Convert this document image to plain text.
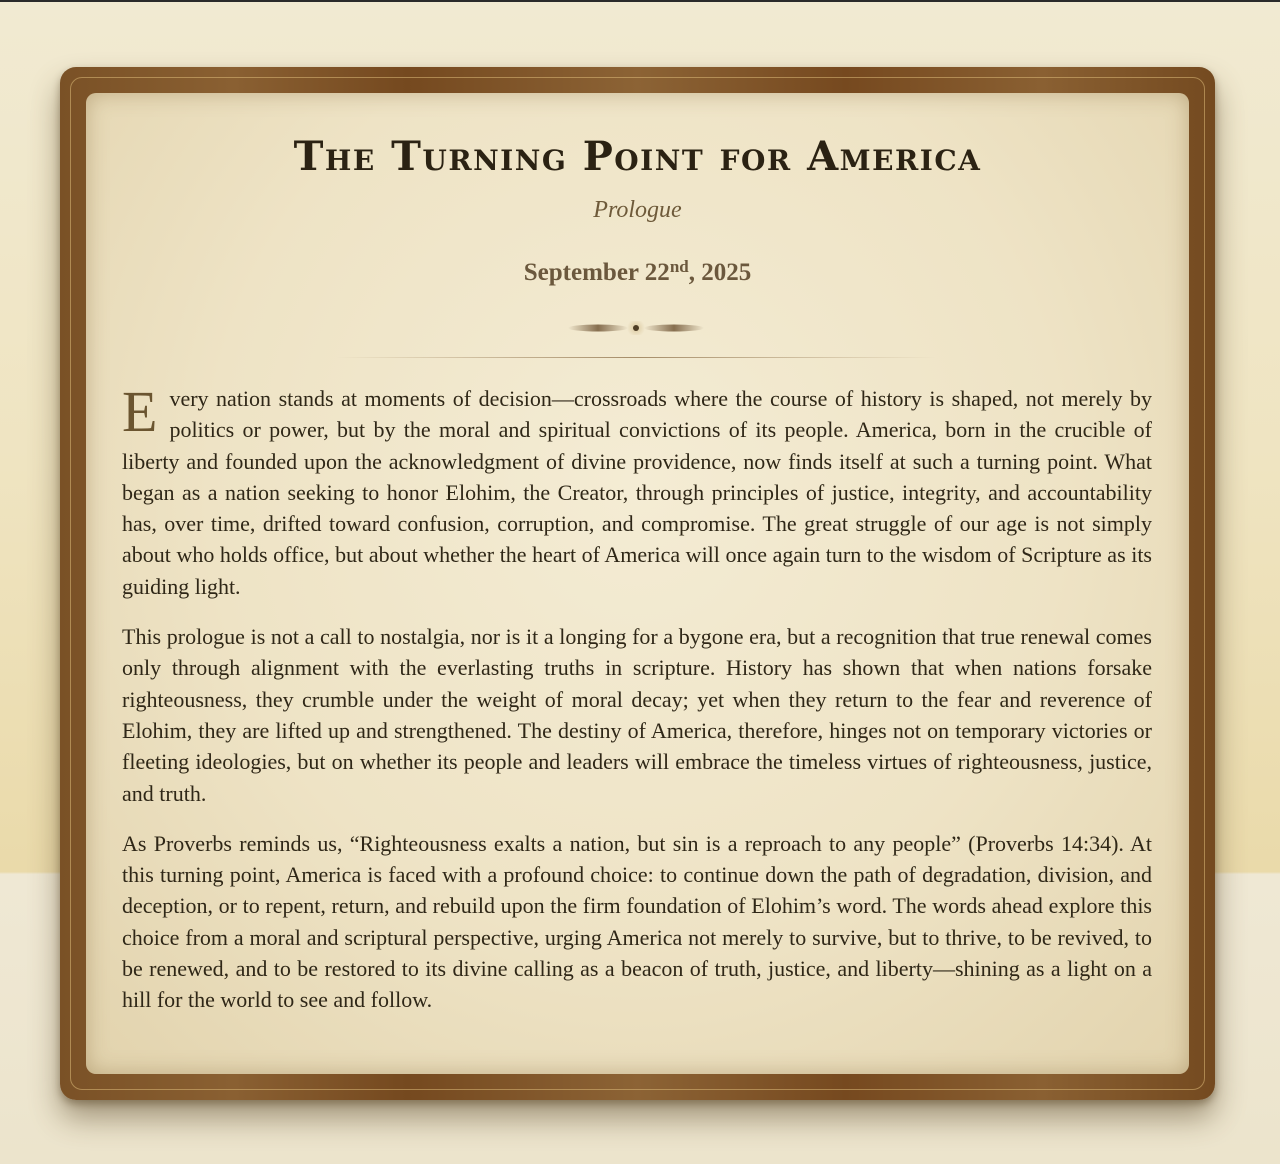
The Turning Point for America
Prologue
September 22nd, 2025

Every nation stands at moments of decision—crossroads where the course of history is shaped, not merely by politics or power, but by the moral and spiritual convictions of its people. America, born in the crucible of liberty and founded upon the acknowledgment of divine providence, now finds itself at such a turning point. What began as a nation seeking to honor Elohim, the Creator, through principles of justice, integrity, and accountability has, over time, drifted toward confusion, corruption, and compromise. The great struggle of our age is not simply about who holds office, but about whether the heart of America will once again turn to the wisdom of Scripture as its guiding light.

This prologue is not a call to nostalgia, nor is it a longing for a bygone era, but a recognition that true renewal comes only through alignment with the everlasting truths in scripture. History has shown that when nations forsake righteousness, they crumble under the weight of moral decay; yet when they return to the fear and reverence of Elohim, they are lifted up and strengthened. The destiny of America, therefore, hinges not on temporary victories or fleeting ideologies, but on whether its people and leaders will embrace the timeless virtues of righteousness, justice, and truth.

As Proverbs reminds us, “Righteousness exalts a nation, but sin is a reproach to any people” (Proverbs 14:34). At this turning point, America is faced with a profound choice: to continue down the path of degradation, division, and deception, or to repent, return, and rebuild upon the firm foundation of Elohim’s word. The words ahead explore this choice from a moral and scriptural perspective, urging America not merely to survive, but to thrive, to be revived, to be renewed, and to be restored to its divine calling as a beacon of truth, justice, and liberty—shining as a light on a hill for the world to see and follow.
